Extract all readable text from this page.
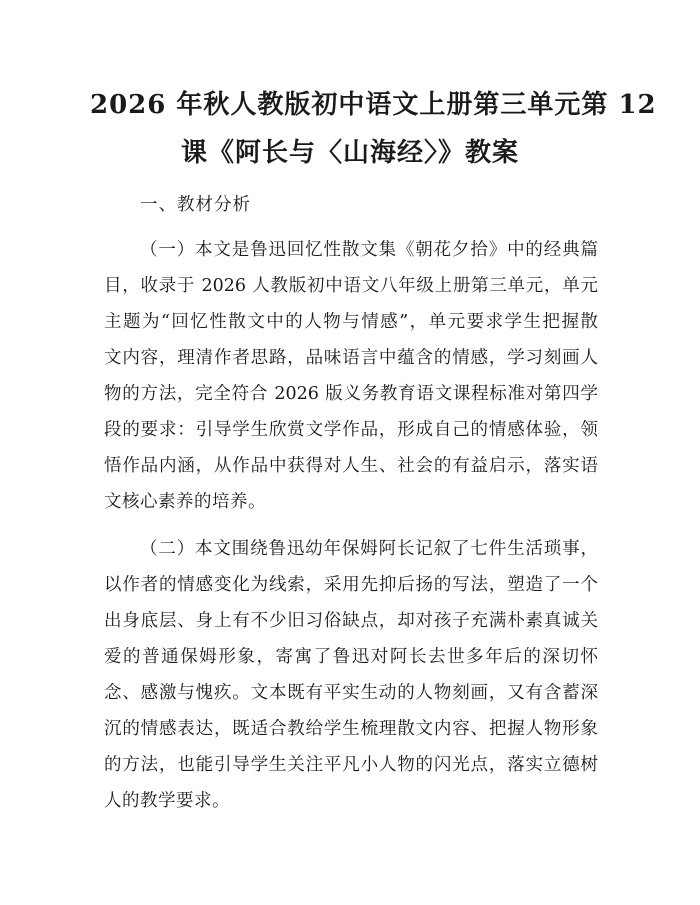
2026 年秋人教版初中语文上册第三单元第 12
课《阿长与〈山海经〉》教案
一、教材分析
（一）本文是鲁迅回忆性散文集《朝花夕拾》中的经典篇
目，收录于 2026 人教版初中语文八年级上册第三单元，单元
主题为“回忆性散文中的人物与情感”，单元要求学生把握散
文内容，理清作者思路，品味语言中蕴含的情感，学习刻画人
物的方法，完全符合 2026 版义务教育语文课程标准对第四学
段的要求：引导学生欣赏文学作品，形成自己的情感体验，领
悟作品内涵，从作品中获得对人生、社会的有益启示，落实语
文核心素养的培养。
（二）本文围绕鲁迅幼年保姆阿长记叙了七件生活琐事，
以作者的情感变化为线索，采用先抑后扬的写法，塑造了一个
出身底层、身上有不少旧习俗缺点，却对孩子充满朴素真诚关
爱的普通保姆形象，寄寓了鲁迅对阿长去世多年后的深切怀
念、感激与愧疚。文本既有平实生动的人物刻画，又有含蓄深
沉的情感表达，既适合教给学生梳理散文内容、把握人物形象
的方法，也能引导学生关注平凡小人物的闪光点，落实立德树
人的教学要求。
